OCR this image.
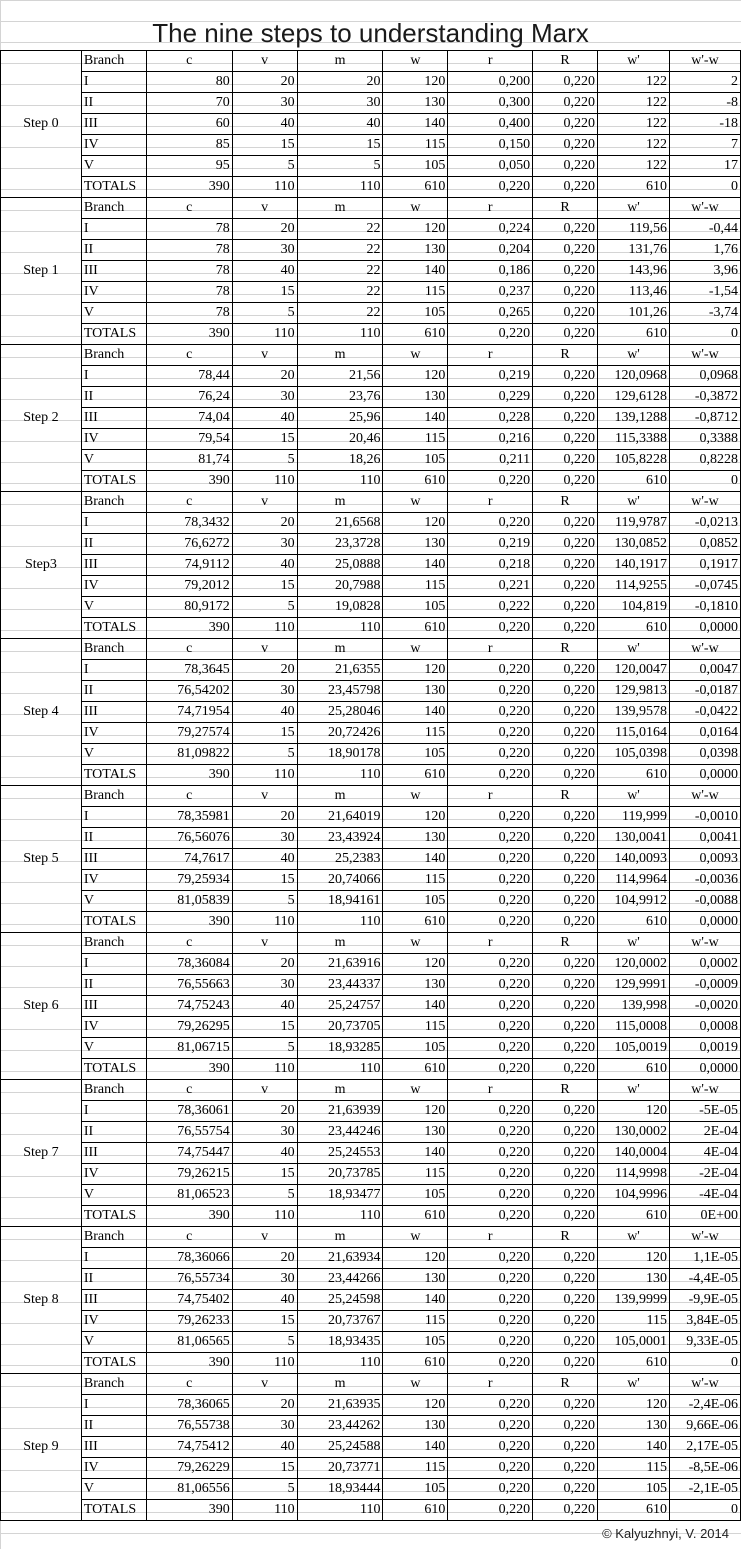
The nine steps to understanding Marx
Step 0	Branch	c	v	m	w	r	R	w'	w'-w
	I	80	20	20	120	0,200	0,220	122	2
	II	70	30	30	130	0,300	0,220	122	-8
	III	60	40	40	140	0,400	0,220	122	-18
	IV	85	15	15	115	0,150	0,220	122	7
	V	95	5	5	105	0,050	0,220	122	17
	TOTALS	390	110	110	610	0,220	0,220	610	0
Step 1	Branch	c	v	m	w	r	R	w'	w'-w
	I	78	20	22	120	0,224	0,220	119,56	-0,44
	II	78	30	22	130	0,204	0,220	131,76	1,76
	III	78	40	22	140	0,186	0,220	143,96	3,96
	IV	78	15	22	115	0,237	0,220	113,46	-1,54
	V	78	5	22	105	0,265	0,220	101,26	-3,74
	TOTALS	390	110	110	610	0,220	0,220	610	0
Step 2	Branch	c	v	m	w	r	R	w'	w'-w
	I	78,44	20	21,56	120	0,219	0,220	120,0968	0,0968
	II	76,24	30	23,76	130	0,229	0,220	129,6128	-0,3872
	III	74,04	40	25,96	140	0,228	0,220	139,1288	-0,8712
	IV	79,54	15	20,46	115	0,216	0,220	115,3388	0,3388
	V	81,74	5	18,26	105	0,211	0,220	105,8228	0,8228
	TOTALS	390	110	110	610	0,220	0,220	610	0
Step3	Branch	c	v	m	w	r	R	w'	w'-w
	I	78,3432	20	21,6568	120	0,220	0,220	119,9787	-0,0213
	II	76,6272	30	23,3728	130	0,219	0,220	130,0852	0,0852
	III	74,9112	40	25,0888	140	0,218	0,220	140,1917	0,1917
	IV	79,2012	15	20,7988	115	0,221	0,220	114,9255	-0,0745
	V	80,9172	5	19,0828	105	0,222	0,220	104,819	-0,1810
	TOTALS	390	110	110	610	0,220	0,220	610	0,0000
Step 4	Branch	c	v	m	w	r	R	w'	w'-w
	I	78,3645	20	21,6355	120	0,220	0,220	120,0047	0,0047
	II	76,54202	30	23,45798	130	0,220	0,220	129,9813	-0,0187
	III	74,71954	40	25,28046	140	0,220	0,220	139,9578	-0,0422
	IV	79,27574	15	20,72426	115	0,220	0,220	115,0164	0,0164
	V	81,09822	5	18,90178	105	0,220	0,220	105,0398	0,0398
	TOTALS	390	110	110	610	0,220	0,220	610	0,0000
Step 5	Branch	c	v	m	w	r	R	w'	w'-w
	I	78,35981	20	21,64019	120	0,220	0,220	119,999	-0,0010
	II	76,56076	30	23,43924	130	0,220	0,220	130,0041	0,0041
	III	74,7617	40	25,2383	140	0,220	0,220	140,0093	0,0093
	IV	79,25934	15	20,74066	115	0,220	0,220	114,9964	-0,0036
	V	81,05839	5	18,94161	105	0,220	0,220	104,9912	-0,0088
	TOTALS	390	110	110	610	0,220	0,220	610	0,0000
Step 6	Branch	c	v	m	w	r	R	w'	w'-w
	I	78,36084	20	21,63916	120	0,220	0,220	120,0002	0,0002
	II	76,55663	30	23,44337	130	0,220	0,220	129,9991	-0,0009
	III	74,75243	40	25,24757	140	0,220	0,220	139,998	-0,0020
	IV	79,26295	15	20,73705	115	0,220	0,220	115,0008	0,0008
	V	81,06715	5	18,93285	105	0,220	0,220	105,0019	0,0019
	TOTALS	390	110	110	610	0,220	0,220	610	0,0000
Step 7	Branch	c	v	m	w	r	R	w'	w'-w
	I	78,36061	20	21,63939	120	0,220	0,220	120	-5E-05
	II	76,55754	30	23,44246	130	0,220	0,220	130,0002	2E-04
	III	74,75447	40	25,24553	140	0,220	0,220	140,0004	4E-04
	IV	79,26215	15	20,73785	115	0,220	0,220	114,9998	-2E-04
	V	81,06523	5	18,93477	105	0,220	0,220	104,9996	-4E-04
	TOTALS	390	110	110	610	0,220	0,220	610	0E+00
Step 8	Branch	c	v	m	w	r	R	w'	w'-w
	I	78,36066	20	21,63934	120	0,220	0,220	120	1,1E-05
	II	76,55734	30	23,44266	130	0,220	0,220	130	-4,4E-05
	III	74,75402	40	25,24598	140	0,220	0,220	139,9999	-9,9E-05
	IV	79,26233	15	20,73767	115	0,220	0,220	115	3,84E-05
	V	81,06565	5	18,93435	105	0,220	0,220	105,0001	9,33E-05
	TOTALS	390	110	110	610	0,220	0,220	610	0
Step 9	Branch	c	v	m	w	r	R	w'	w'-w
	I	78,36065	20	21,63935	120	0,220	0,220	120	-2,4E-06
	II	76,55738	30	23,44262	130	0,220	0,220	130	9,66E-06
	III	74,75412	40	25,24588	140	0,220	0,220	140	2,17E-05
	IV	79,26229	15	20,73771	115	0,220	0,220	115	-8,5E-06
	V	81,06556	5	18,93444	105	0,220	0,220	105	-2,1E-05
	TOTALS	390	110	110	610	0,220	0,220	610	0
© Kalyuzhnyi, V. 2014
